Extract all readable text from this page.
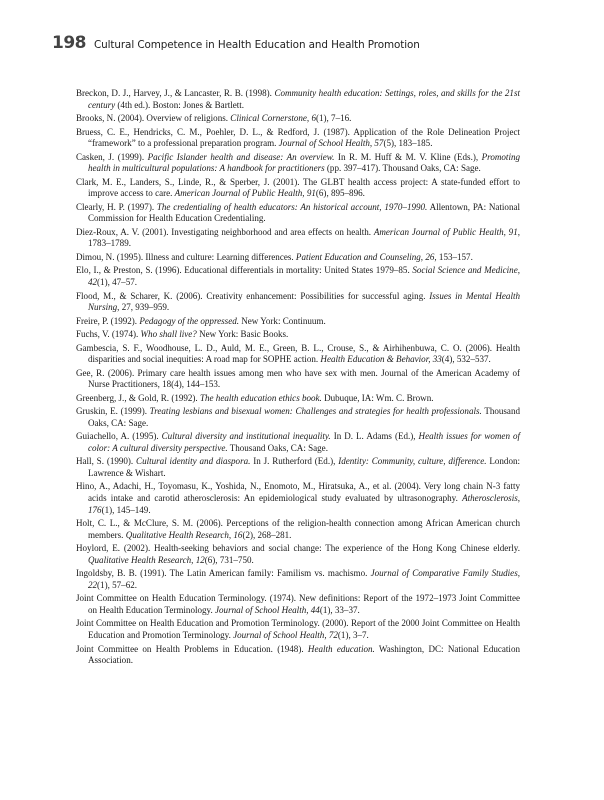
198 Cultural Competence in Health Education and Health Promotion

Breckon, D. J., Harvey, J., & Lancaster, R. B. (1998). Community health education: Settings, roles, and skills for the 21st century (4th ed.). Boston: Jones & Bartlett.

Brooks, N. (2004). Overview of religions. Clinical Cornerstone, 6(1), 7–16.

Bruess, C. E., Hendricks, C. M., Poehler, D. L., & Redford, J. (1987). Application of the Role Delineation Project “framework” to a professional preparation program. Journal of School Health, 57(5), 183–185.

Casken, J. (1999). Pacific Islander health and disease: An overview. In R. M. Huff & M. V. Kline (Eds.), Promoting health in multicultural populations: A handbook for practitioners (pp. 397–417). Thousand Oaks, CA: Sage.

Clark, M. E., Landers, S., Linde, R., & Sperber, J. (2001). The GLBT health access project: A state-funded effort to improve access to care. American Journal of Public Health, 91(6), 895–896.

Clearly, H. P. (1997). The credentialing of health educators: An historical account, 1970–1990. Allentown, PA: National Commission for Health Education Credentialing.

Diez-Roux, A. V. (2001). Investigating neighborhood and area effects on health. American Journal of Public Health, 91, 1783–1789.

Dimou, N. (1995). Illness and culture: Learning differences. Patient Education and Counseling, 26, 153–157.

Elo, I., & Preston, S. (1996). Educational differentials in mortality: United States 1979–85. Social Science and Medicine, 42(1), 47–57.

Flood, M., & Scharer, K. (2006). Creativity enhancement: Possibilities for successful aging. Issues in Mental Health Nursing, 27, 939–959.

Freire, P. (1992). Pedagogy of the oppressed. New York: Continuum.

Fuchs, V. (1974). Who shall live? New York: Basic Books.

Gambescia, S. F., Woodhouse, L. D., Auld, M. E., Green, B. L., Crouse, S., & Airhihenbuwa, C. O. (2006). Health disparities and social inequities: A road map for SOPHE action. Health Education & Behavior, 33(4), 532–537.

Gee, R. (2006). Primary care health issues among men who have sex with men. Journal of the American Academy of Nurse Practitioners, 18(4), 144–153.

Greenberg, J., & Gold, R. (1992). The health education ethics book. Dubuque, IA: Wm. C. Brown.

Gruskin, E. (1999). Treating lesbians and bisexual women: Challenges and strategies for health professionals. Thousand Oaks, CA: Sage.

Guiachello, A. (1995). Cultural diversity and institutional inequality. In D. L. Adams (Ed.), Health issues for women of color: A cultural diversity perspective. Thousand Oaks, CA: Sage.

Hall, S. (1990). Cultural identity and diaspora. In J. Rutherford (Ed.), Identity: Community, culture, difference. London: Lawrence & Wishart.

Hino, A., Adachi, H., Toyomasu, K., Yoshida, N., Enomoto, M., Hiratsuka, A., et al. (2004). Very long chain N-3 fatty acids intake and carotid atherosclerosis: An epidemiological study evaluated by ultrasonography. Atherosclerosis, 176(1), 145–149.

Holt, C. L., & McClure, S. M. (2006). Perceptions of the religion-health connection among African American church members. Qualitative Health Research, 16(2), 268–281.

Hoylord, E. (2002). Health-seeking behaviors and social change: The experience of the Hong Kong Chinese elderly. Qualitative Health Research, 12(6), 731–750.

Ingoldsby, B. B. (1991). The Latin American family: Familism vs. machismo. Journal of Comparative Family Studies, 22(1), 57–62.

Joint Committee on Health Education Terminology. (1974). New definitions: Report of the 1972–1973 Joint Committee on Health Education Terminology. Journal of School Health, 44(1), 33–37.

Joint Committee on Health Education and Promotion Terminology. (2000). Report of the 2000 Joint Committee on Health Education and Promotion Terminology. Journal of School Health, 72(1), 3–7.

Joint Committee on Health Problems in Education. (1948). Health education. Washington, DC: National Education Association.
